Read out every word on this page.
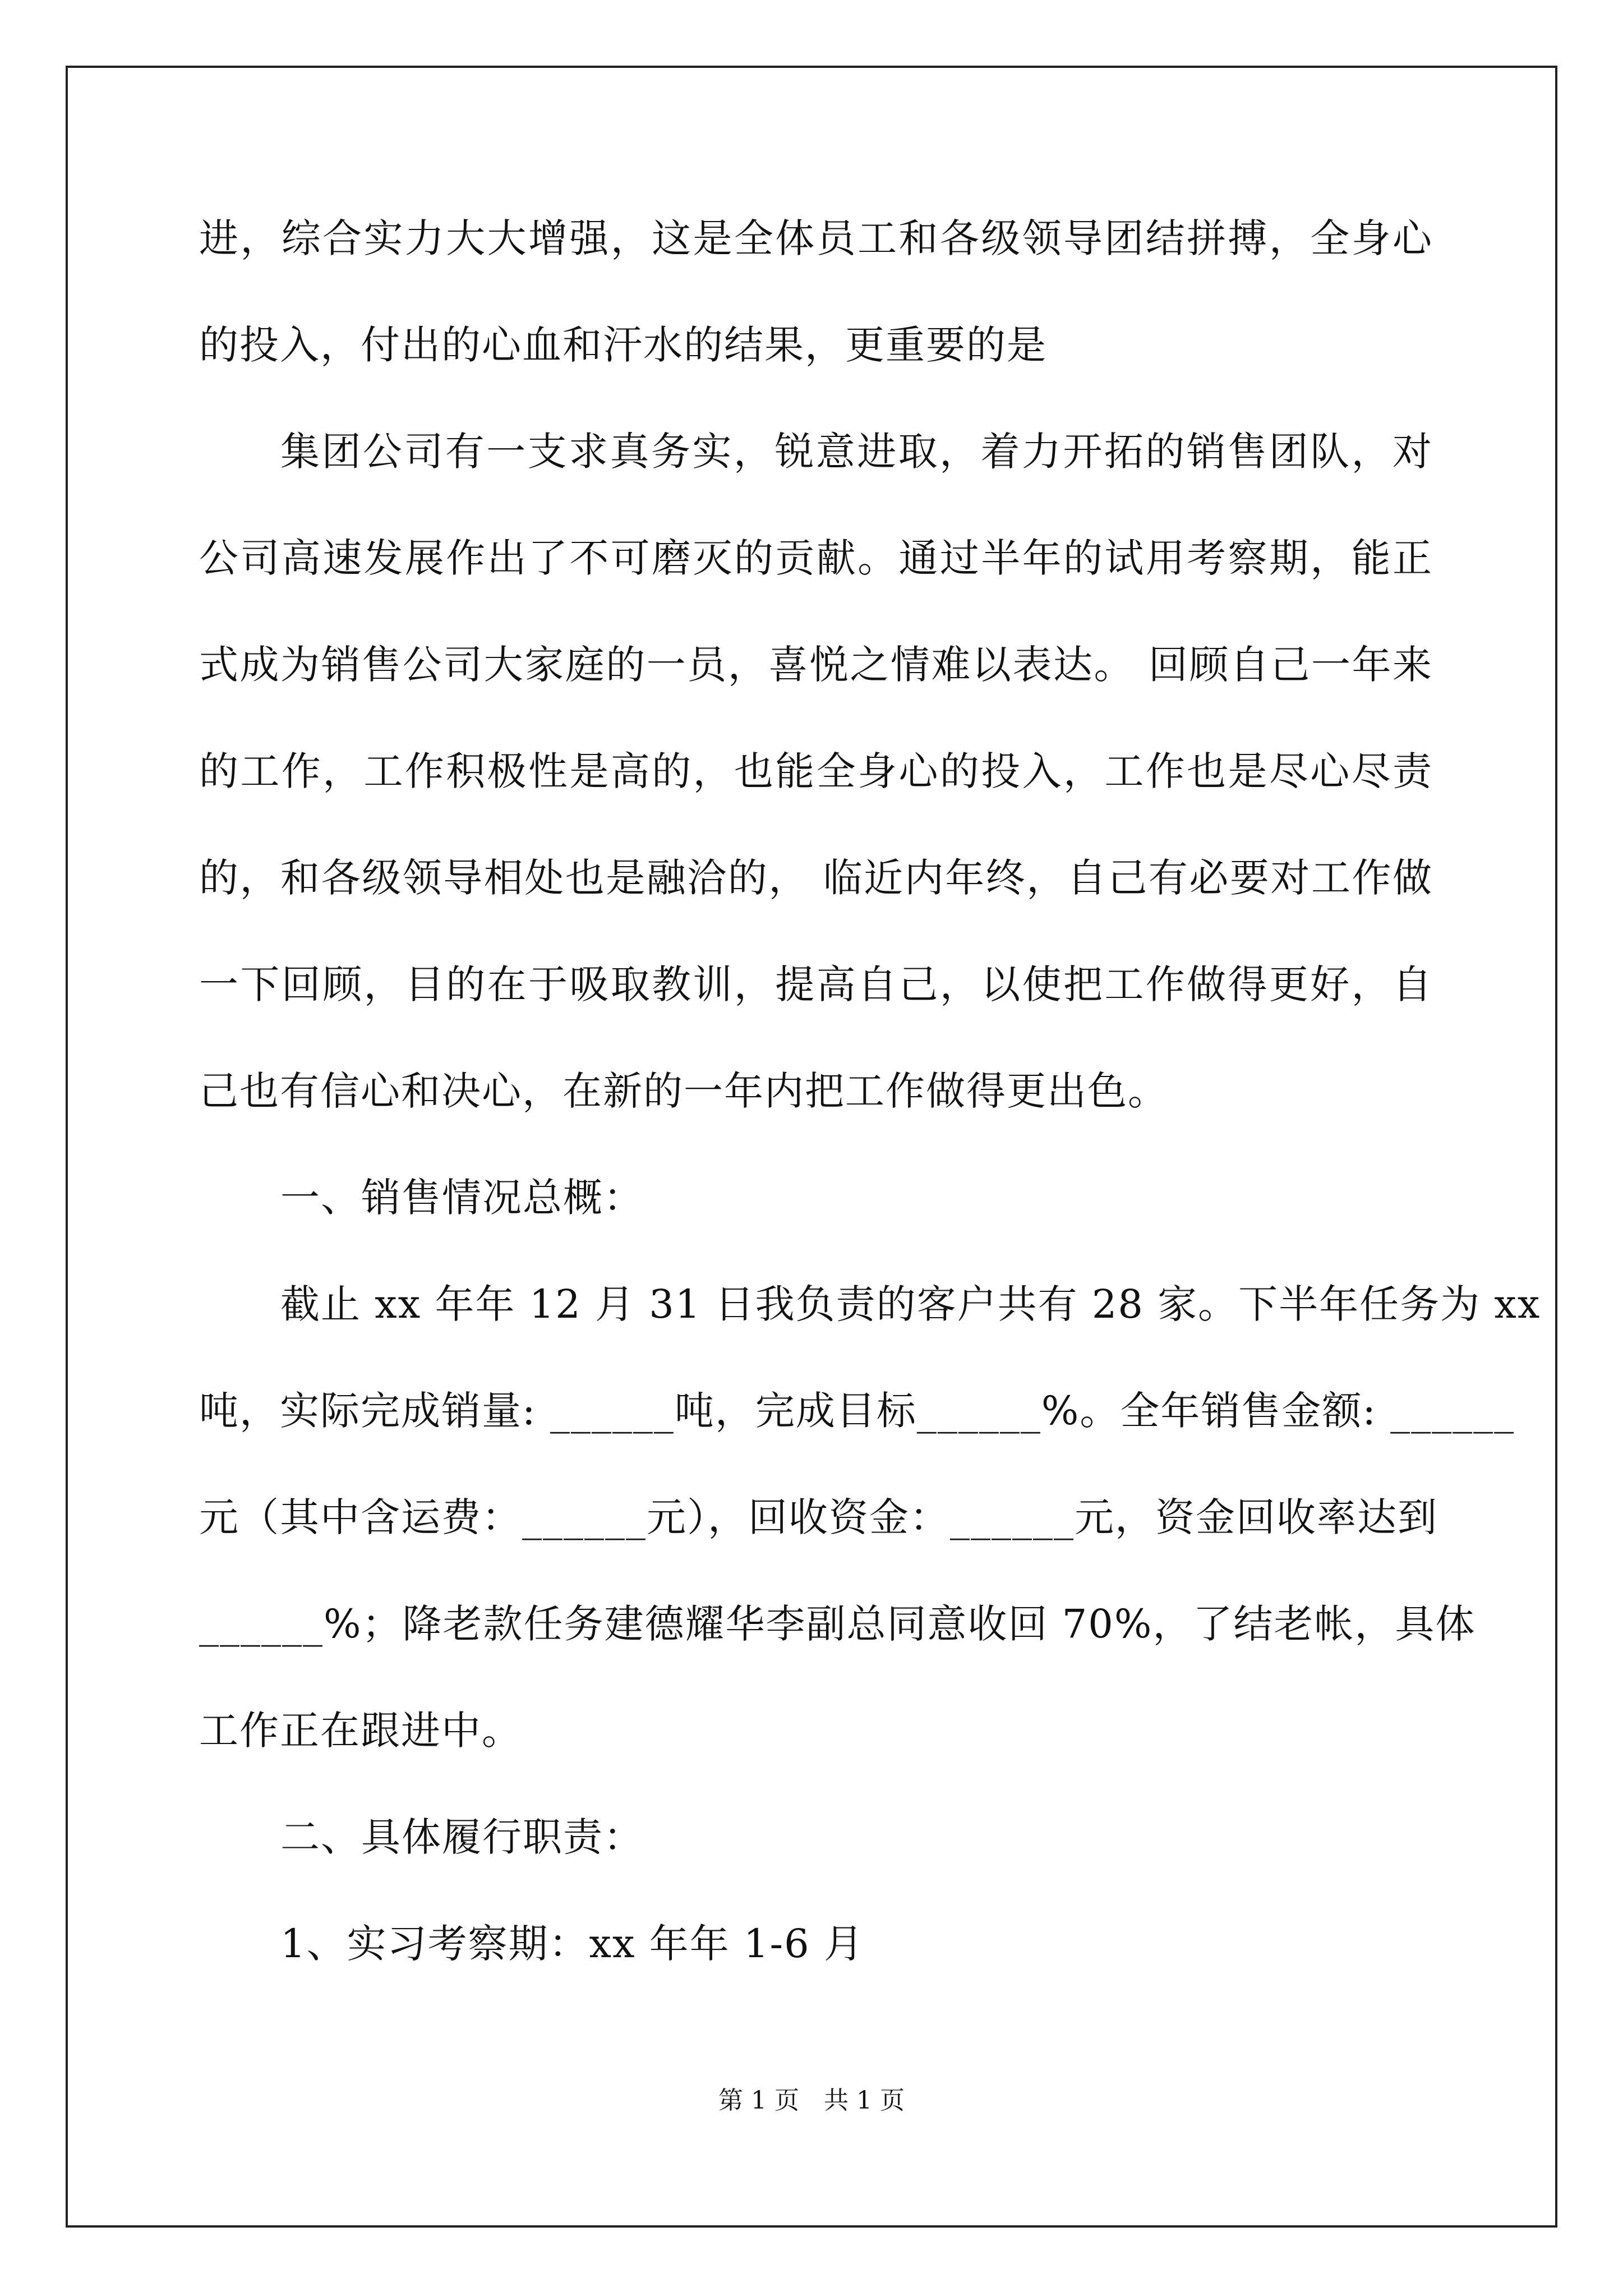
进，综合实力大大增强，这是全体员工和各级领导团结拼搏，全身心
的投入，付出的心血和汗水的结果，更重要的是
集团公司有一支求真务实，锐意进取，着力开拓的销售团队，对
公司高速发展作出了不可磨灭的贡献。通过半年的试用考察期，能正
式成为销售公司大家庭的一员，喜悦之情难以表达。 回顾自己一年来
的工作，工作积极性是高的，也能全身心的投入，工作也是尽心尽责
的，和各级领导相处也是融洽的， 临近内年终，自己有必要对工作做
一下回顾，目的在于吸取教训，提高自己，以使把工作做得更好，自
己也有信心和决心，在新的一年内把工作做得更出色。
一、销售情况总概：
截止 xx 年年 12 月 31 日我负责的客户共有 28 家。下半年任务为 xx
吨，实际完成销量: ______吨，完成目标______%。全年销售金额: ______
元（其中含运费：______元），回收资金：______元，资金回收率达到
______%；降老款任务建德耀华李副总同意收回 70%，了结老帐，具体
工作正在跟进中。
二、具体履行职责：
1、实习考察期：xx 年年 1-6 月
第 1 页　共 1 页
